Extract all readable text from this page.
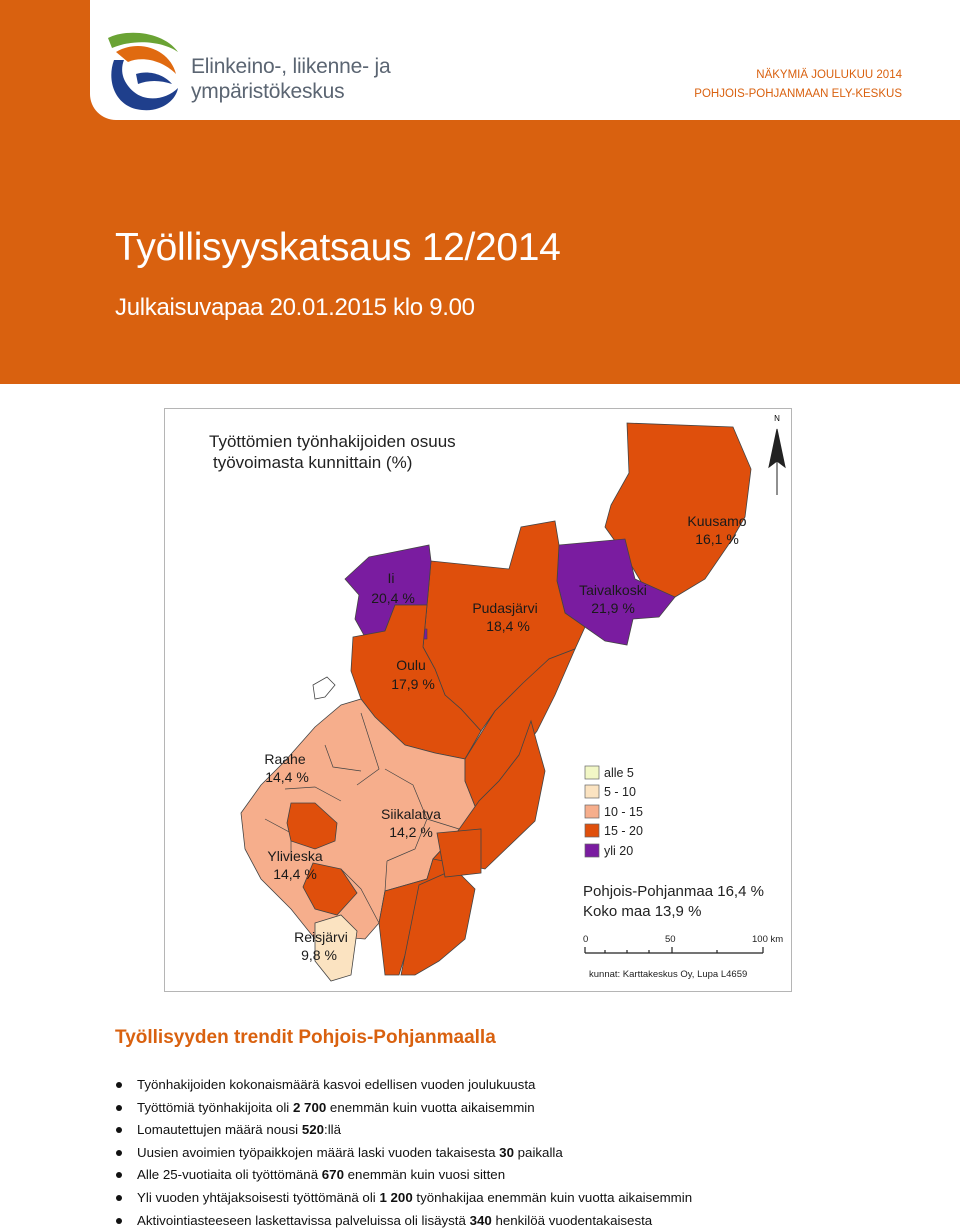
Elinkeino-, liikenne- ja
ympäristökeskus
NÄKYMIÄ JOULUKUU 2014
POHJOIS-POHJANMAAN ELY-KESKUS
Työllisyyskatsaus 12/2014
Julkaisuvapaa 20.01.2015 klo 9.00
N
Työttömien työnhakijoiden osuus
työvoimasta kunnittain (%)
Kuusamo
16,1 %
Ii
20,4 %
Pudasjärvi
18,4 %
Taivalkoski
21,9 %
Oulu
17,9 %
Raahe
14,4 %
Siikalatva
14,2 %
Ylivieska
14,4 %
Reisjärvi
9,8 %
alle 5
5 - 10
10 - 15
15 - 20
yli 20
Pohjois-Pohjanmaa 16,4 %
Koko maa 13,9 %
0	50	100 km
kunnat: Karttakeskus Oy, Lupa L4659
Työllisyyden trendit Pohjois-Pohjanmaalla
Työnhakijoiden kokonaismäärä kasvoi edellisen vuoden joulukuusta
Työttömiä työnhakijoita oli 2 700 enemmän kuin vuotta aikaisemmin
Lomautettujen määrä nousi 520:llä
Uusien avoimien työpaikkojen määrä laski vuoden takaisesta 30 paikalla
Alle 25-vuotiaita oli työttömänä 670 enemmän kuin vuosi sitten
Yli vuoden yhtäjaksoisesti työttömänä oli 1 200 työnhakijaa enemmän kuin vuotta aikaisemmin
Aktivointiasteeseen laskettavissa palveluissa oli lisäystä 340 henkilöä vuodentakaisesta
